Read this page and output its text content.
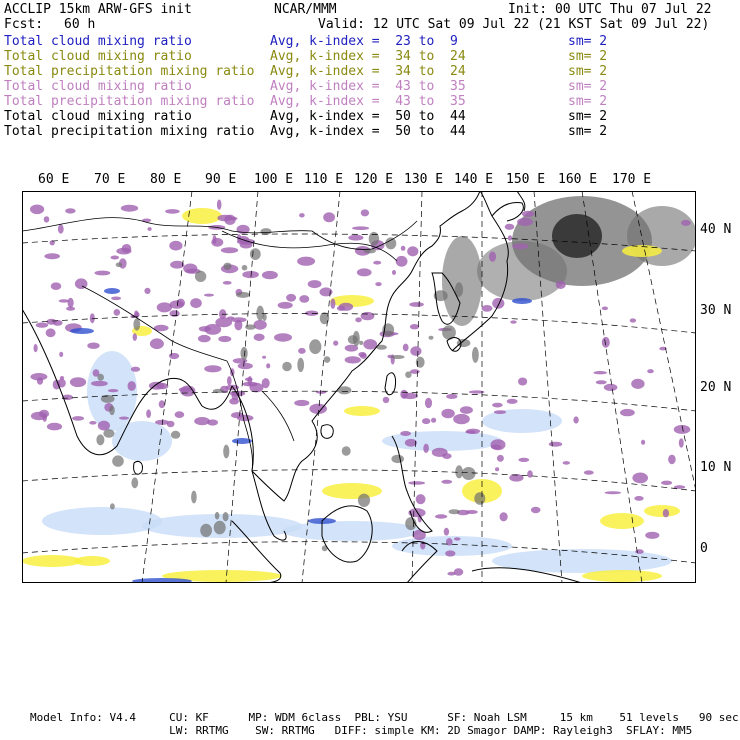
ACCLIP 15km ARW-GFS init	NCAR/MMM	Init: 00 UTC Thu 07 Jul 22
Fcst: 60 h	Valid: 12 UTC Sat 09 Jul 22 (21 KST Sat 09 Jul 22)
Total cloud mixing ratio	Avg, k-index =  23 to  9	sm= 2
Total cloud mixing ratio	Avg, k-index =  34 to  24	sm= 2
Total precipitation mixing ratio Avg, k-index =  34 to  24	sm= 2
Total cloud mixing ratio	Avg, k-index =  43 to  35	sm= 2
Total precipitation mixing ratio Avg, k-index =  43 to  35	sm= 2
Total cloud mixing ratio	Avg, k-index =  50 to  44	sm= 2
Total precipitation mixing ratio Avg, k-index =  50 to  44	sm= 2
60 E 70 E 80 E 90 E 100 E 110 E 120 E 130 E 140 E 150 E 160 E 170 E
40 N
30 N
20 N
10 N
0
Model Info: V4.4     CU: KF      MP: WDM 6class  PBL: YSU      SF: Noah LSM     15 km    51 levels   90 sec
LW: RRTMG    SW: RRTMG   DIFF: simple KM: 2D Smagor DAMP: Rayleigh3  SFLAY: MM5
